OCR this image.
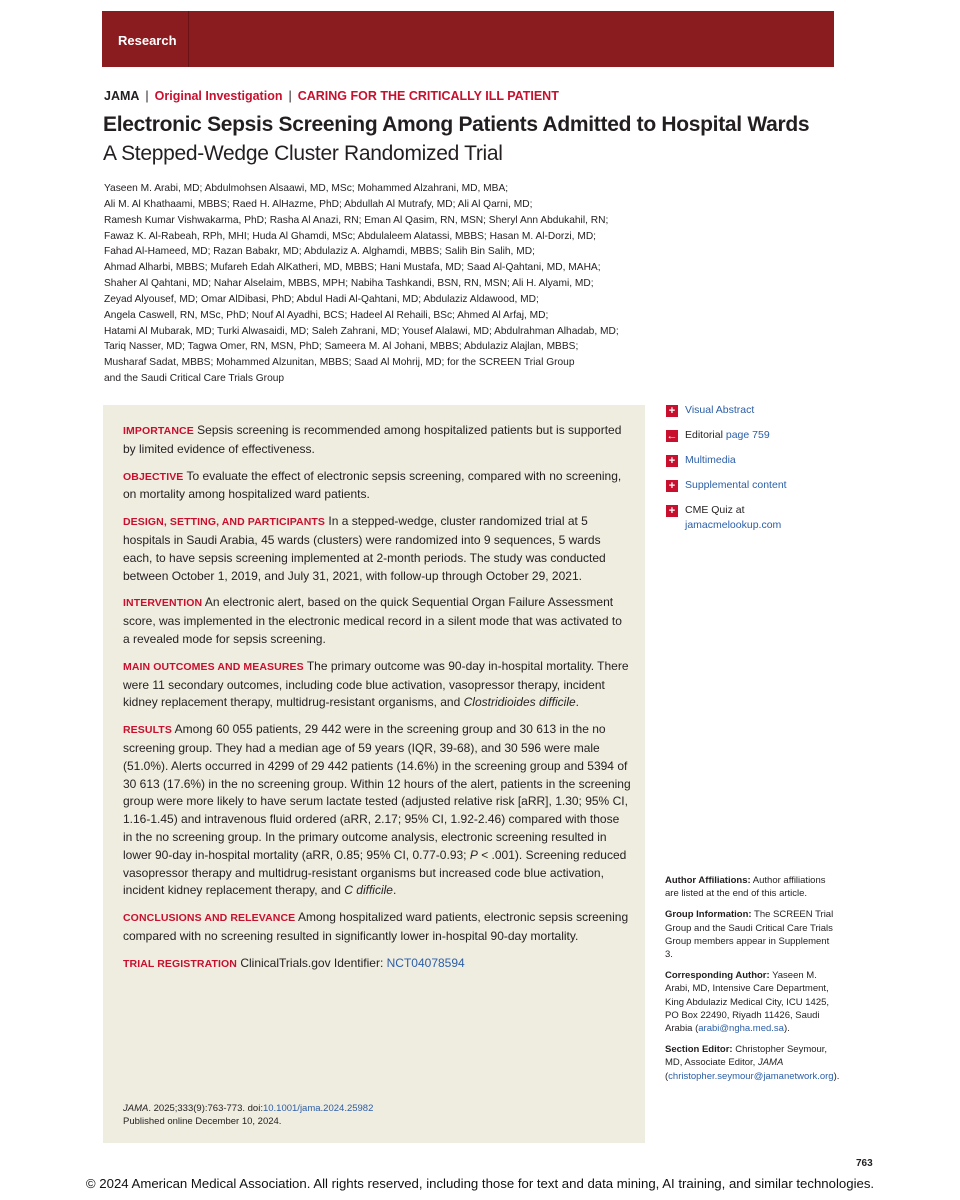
Research
JAMA | Original Investigation | CARING FOR THE CRITICALLY ILL PATIENT
Electronic Sepsis Screening Among Patients Admitted to Hospital Wards
A Stepped-Wedge Cluster Randomized Trial
Yaseen M. Arabi, MD; Abdulmohsen Alsaawi, MD, MSc; Mohammed Alzahrani, MD, MBA;
Ali M. Al Khathaami, MBBS; Raed H. AlHazme, PhD; Abdullah Al Mutrafy, MD; Ali Al Qarni, MD;
Ramesh Kumar Vishwakarma, PhD; Rasha Al Anazi, RN; Eman Al Qasim, RN, MSN; Sheryl Ann Abdukahil, RN;
Fawaz K. Al-Rabeah, RPh, MHI; Huda Al Ghamdi, MSc; Abdulaleem Alatassi, MBBS; Hasan M. Al-Dorzi, MD;
Fahad Al-Hameed, MD; Razan Babakr, MD; Abdulaziz A. Alghamdi, MBBS; Salih Bin Salih, MD;
Ahmad Alharbi, MBBS; Mufareh Edah AlKatheri, MD, MBBS; Hani Mustafa, MD; Saad Al-Qahtani, MD, MAHA;
Shaher Al Qahtani, MD; Nahar Alselaim, MBBS, MPH; Nabiha Tashkandi, BSN, RN, MSN; Ali H. Alyami, MD;
Zeyad Alyousef, MD; Omar AlDibasi, PhD; Abdul Hadi Al-Qahtani, MD; Abdulaziz Aldawood, MD;
Angela Caswell, RN, MSc, PhD; Nouf Al Ayadhi, BCS; Hadeel Al Rehaili, BSc; Ahmed Al Arfaj, MD;
Hatami Al Mubarak, MD; Turki Alwasaidi, MD; Saleh Zahrani, MD; Yousef Alalawi, MD; Abdulrahman Alhadab, MD;
Tariq Nasser, MD; Tagwa Omer, RN, MSN, PhD; Sameera M. Al Johani, MBBS; Abdulaziz Alajlan, MBBS;
Musharaf Sadat, MBBS; Mohammed Alzunitan, MBBS; Saad Al Mohrij, MD; for the SCREEN Trial Group
and the Saudi Critical Care Trials Group

IMPORTANCE Sepsis screening is recommended among hospitalized patients but is supported by limited evidence of effectiveness.

OBJECTIVE To evaluate the effect of electronic sepsis screening, compared with no screening, on mortality among hospitalized ward patients.

DESIGN, SETTING, AND PARTICIPANTS In a stepped-wedge, cluster randomized trial at 5 hospitals in Saudi Arabia, 45 wards (clusters) were randomized into 9 sequences, 5 wards each, to have sepsis screening implemented at 2-month periods. The study was conducted between October 1, 2019, and July 31, 2021, with follow-up through October 29, 2021.

INTERVENTION An electronic alert, based on the quick Sequential Organ Failure Assessment score, was implemented in the electronic medical record in a silent mode that was activated to a revealed mode for sepsis screening.

MAIN OUTCOMES AND MEASURES The primary outcome was 90-day in-hospital mortality. There were 11 secondary outcomes, including code blue activation, vasopressor therapy, incident kidney replacement therapy, multidrug-resistant organisms, and Clostridioides difficile.

RESULTS Among 60 055 patients, 29 442 were in the screening group and 30 613 in the no screening group. They had a median age of 59 years (IQR, 39-68), and 30 596 were male (51.0%). Alerts occurred in 4299 of 29 442 patients (14.6%) in the screening group and 5394 of 30 613 (17.6%) in the no screening group. Within 12 hours of the alert, patients in the screening group were more likely to have serum lactate tested (adjusted relative risk [aRR], 1.30; 95% CI, 1.16-1.45) and intravenous fluid ordered (aRR, 2.17; 95% CI, 1.92-2.46) compared with those in the no screening group. In the primary outcome analysis, electronic screening resulted in lower 90-day in-hospital mortality (aRR, 0.85; 95% CI, 0.77-0.93; P < .001). Screening reduced vasopressor therapy and multidrug-resistant organisms but increased code blue activation, incident kidney replacement therapy, and C difficile.

CONCLUSIONS AND RELEVANCE Among hospitalized ward patients, electronic sepsis screening compared with no screening resulted in significantly lower in-hospital 90-day mortality.

TRIAL REGISTRATION ClinicalTrials.gov Identifier: NCT04078594

JAMA. 2025;333(9):763-773. doi:10.1001/jama.2024.25982
Published online December 10, 2024.
+ Visual Abstract
← Editorial page 759
+ Multimedia
+ Supplemental content
+ CME Quiz at
jamacmelookup.com

Author Affiliations: Author affiliations are listed at the end of this article.

Group Information: The SCREEN Trial Group and the Saudi Critical Care Trials Group members appear in Supplement 3.

Corresponding Author: Yaseen M. Arabi, MD, Intensive Care Department, King Abdulaziz Medical City, ICU 1425, PO Box 22490, Riyadh 11426, Saudi Arabia (arabi@ngha.med.sa).

Section Editor: Christopher Seymour, MD, Associate Editor, JAMA (christopher.seymour@jamanetwork.org).

763
© 2024 American Medical Association. All rights reserved, including those for text and data mining, AI training, and similar technologies.
